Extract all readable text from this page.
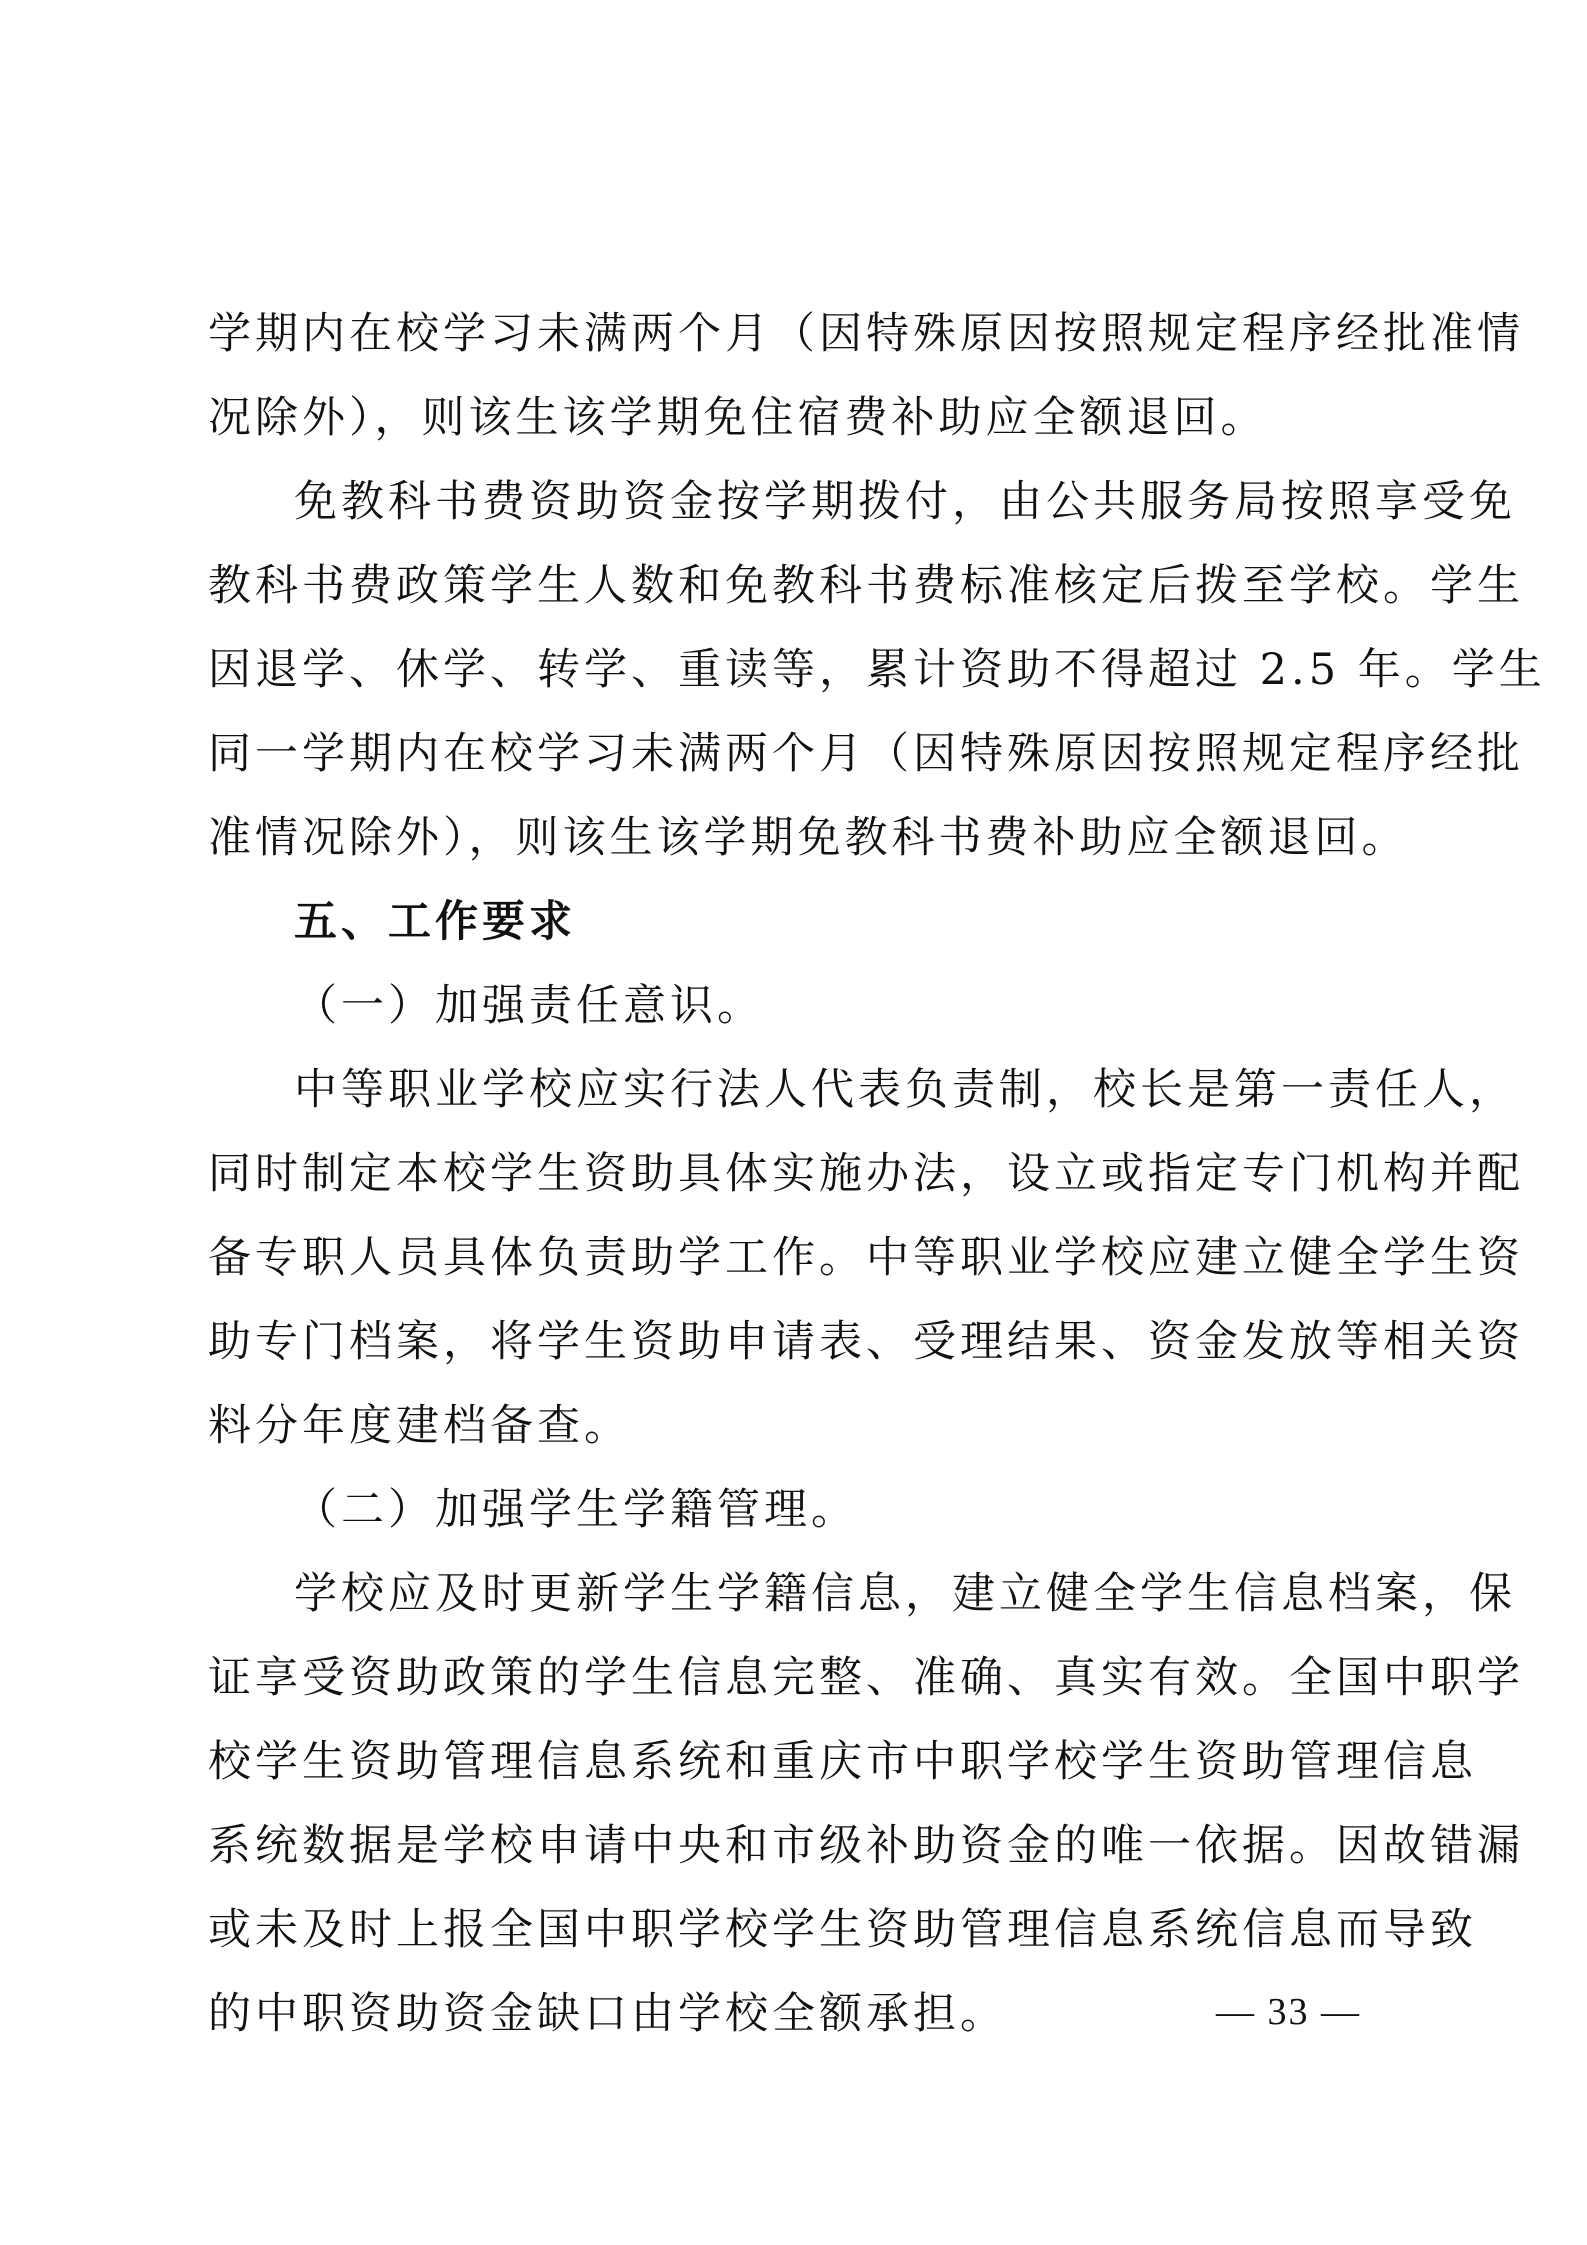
学期内在校学习未满两个月（因特殊原因按照规定程序经批准情
况除外），则该生该学期免住宿费补助应全额退回。
免教科书费资助资金按学期拨付，由公共服务局按照享受免
教科书费政策学生人数和免教科书费标准核定后拨至学校。学生
因退学、休学、转学、重读等，累计资助不得超过 2.5 年。学生
同一学期内在校学习未满两个月（因特殊原因按照规定程序经批
准情况除外），则该生该学期免教科书费补助应全额退回。
五、工作要求
（一）加强责任意识。
中等职业学校应实行法人代表负责制，校长是第一责任人，
同时制定本校学生资助具体实施办法，设立或指定专门机构并配
备专职人员具体负责助学工作。中等职业学校应建立健全学生资
助专门档案，将学生资助申请表、受理结果、资金发放等相关资
料分年度建档备查。
（二）加强学生学籍管理。
学校应及时更新学生学籍信息，建立健全学生信息档案，保
证享受资助政策的学生信息完整、准确、真实有效。全国中职学
校学生资助管理信息系统和重庆市中职学校学生资助管理信息
系统数据是学校申请中央和市级补助资金的唯一依据。因故错漏
或未及时上报全国中职学校学生资助管理信息系统信息而导致
的中职资助资金缺口由学校全额承担。	— 33 —
